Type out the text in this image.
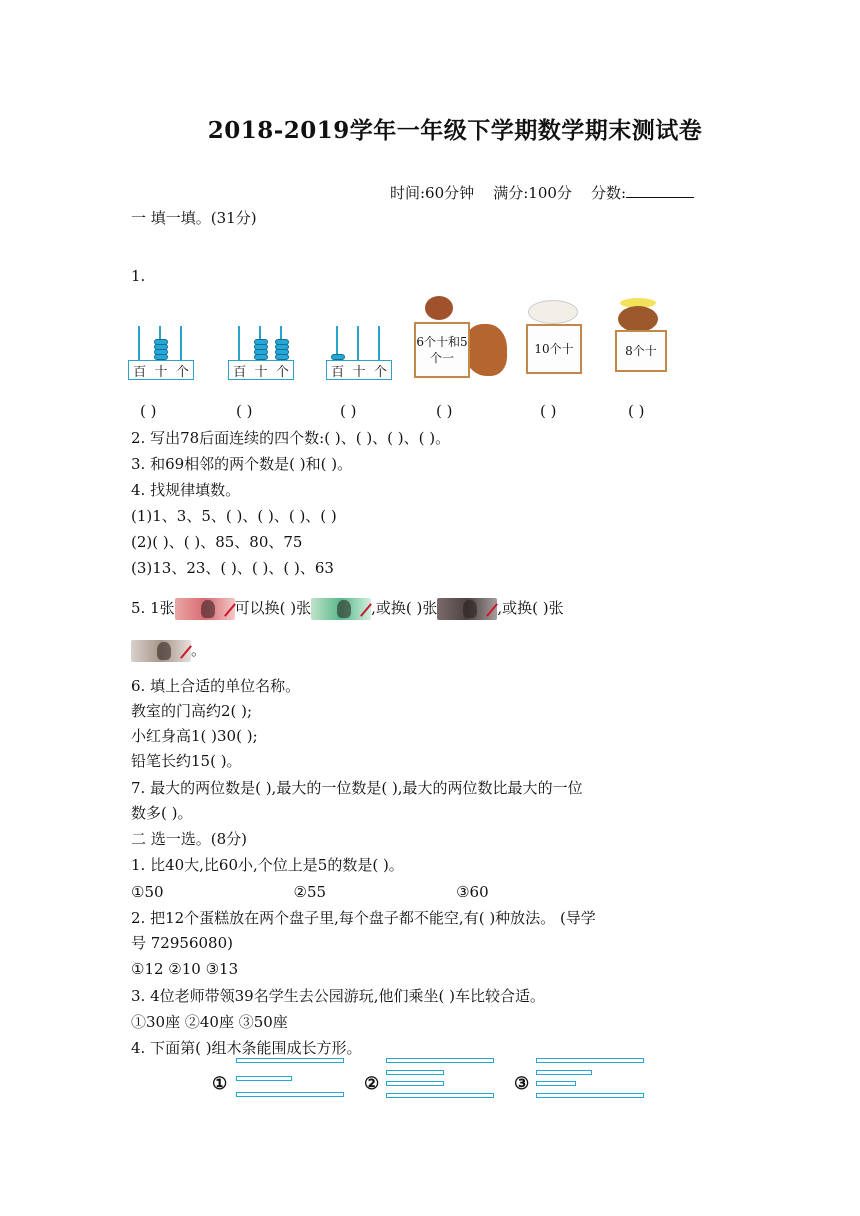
2018-2019学年一年级下学期数学期末测试卷
时间:60分钟 满分:100分 分数:
一 填一填。(31分)
1.
百 十 个	百 十 个	百 十 个
6个十和5个一
10个十	8个十
( )	( )	( )	( )	( )	( )
2. 写出78后面连续的四个数:( )、( )、( )、( )。
3. 和69相邻的两个数是( )和( )。
4. 找规律填数。
(1)1、3、5、( )、( )、( )、( )
(2)( )、( )、85、80、75
(3)13、23、( )、( )、( )、63
5. 1张	可以换( )张	,或换( )张	,或换( )张
。
6. 填上合适的单位名称。
教室的门高约2( );
小红身高1( )30( );
铅笔长约15( )。
7. 最大的两位数是( ),最大的一位数是( ),最大的两位数比最大的一位
数多( )。
二 选一选。(8分)
1. 比40大,比60小,个位上是5的数是( )。
①50	②55	③60
2. 把12个蛋糕放在两个盘子里,每个盘子都不能空,有( )种放法。 (导学
号 72956080)
①12 ②10 ③13
3. 4位老师带领39名学生去公园游玩,他们乘坐( )车比较合适。
①30座 ②40座 ③50座
4. 下面第( )组木条能围成长方形。
①	②	③
